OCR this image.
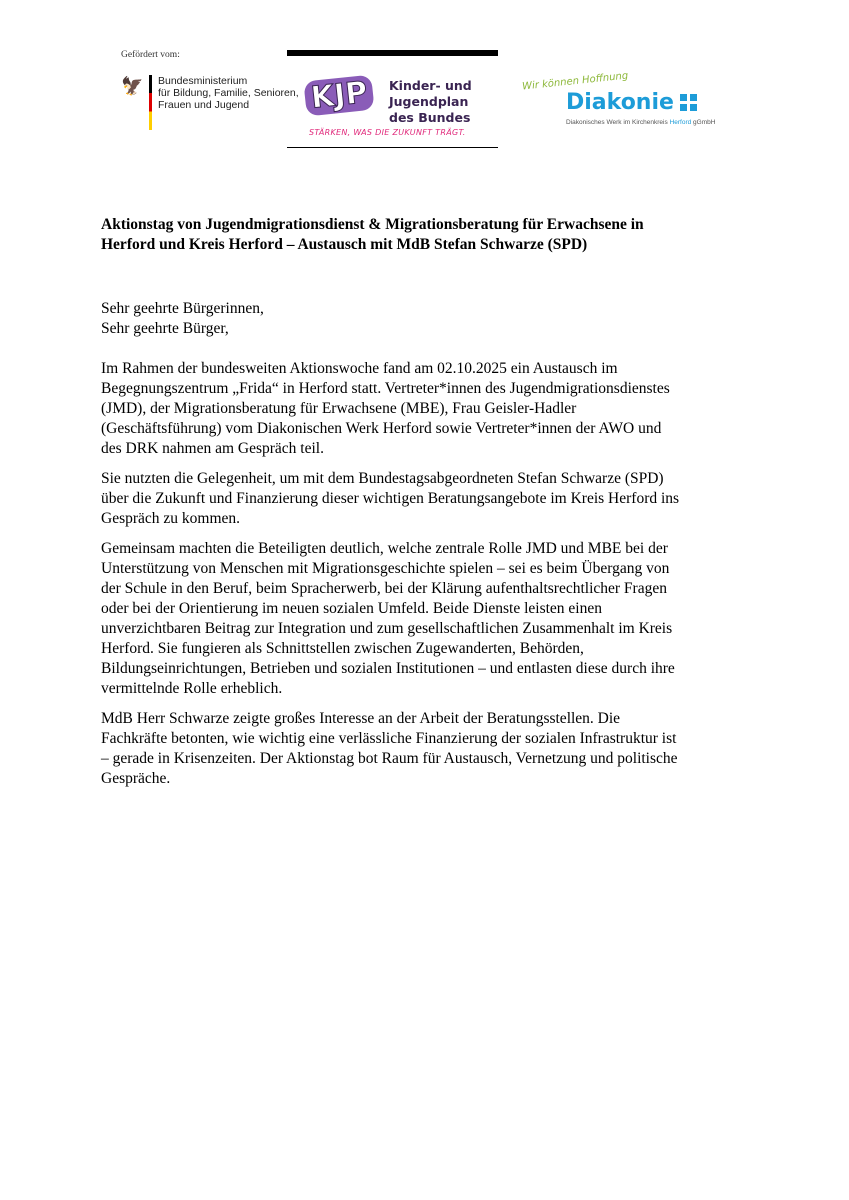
Gefördert vom:
🦅 Bundesministerium
für Bildung, Familie, Senioren,
Frauen und Jugend	KJP	Kinder- und
Jugendplan
des Bundes
STÄRKEN, WAS DIE ZUKUNFT TRÄGT.
Wir können Hoffnung
Diakonie
Diakonisches Werk im Kirchenkreis Herford gGmbH
Aktionstag von Jugendmigrationsdienst & Migrationsberatung für Erwachsene in
Herford und Kreis Herford – Austausch mit MdB Stefan Schwarze (SPD)
Sehr geehrte Bürgerinnen,
Sehr geehrte Bürger,
Im Rahmen der bundesweiten Aktionswoche fand am 02.10.2025 ein Austausch im
Begegnungszentrum „Frida“ in Herford statt. Vertreter*innen des Jugendmigrationsdienstes
(JMD), der Migrationsberatung für Erwachsene (MBE), Frau Geisler-Hadler
(Geschäftsführung) vom Diakonischen Werk Herford sowie Vertreter*innen der AWO und
des DRK nahmen am Gespräch teil.
Sie nutzten die Gelegenheit, um mit dem Bundestagsabgeordneten Stefan Schwarze (SPD)
über die Zukunft und Finanzierung dieser wichtigen Beratungsangebote im Kreis Herford ins
Gespräch zu kommen.
Gemeinsam machten die Beteiligten deutlich, welche zentrale Rolle JMD und MBE bei der
Unterstützung von Menschen mit Migrationsgeschichte spielen – sei es beim Übergang von
der Schule in den Beruf, beim Spracherwerb, bei der Klärung aufenthaltsrechtlicher Fragen
oder bei der Orientierung im neuen sozialen Umfeld. Beide Dienste leisten einen
unverzichtbaren Beitrag zur Integration und zum gesellschaftlichen Zusammenhalt im Kreis
Herford. Sie fungieren als Schnittstellen zwischen Zugewanderten, Behörden,
Bildungseinrichtungen, Betrieben und sozialen Institutionen – und entlasten diese durch ihre
vermittelnde Rolle erheblich.
MdB Herr Schwarze zeigte großes Interesse an der Arbeit der Beratungsstellen. Die
Fachkräfte betonten, wie wichtig eine verlässliche Finanzierung der sozialen Infrastruktur ist
– gerade in Krisenzeiten. Der Aktionstag bot Raum für Austausch, Vernetzung und politische
Gespräche.
